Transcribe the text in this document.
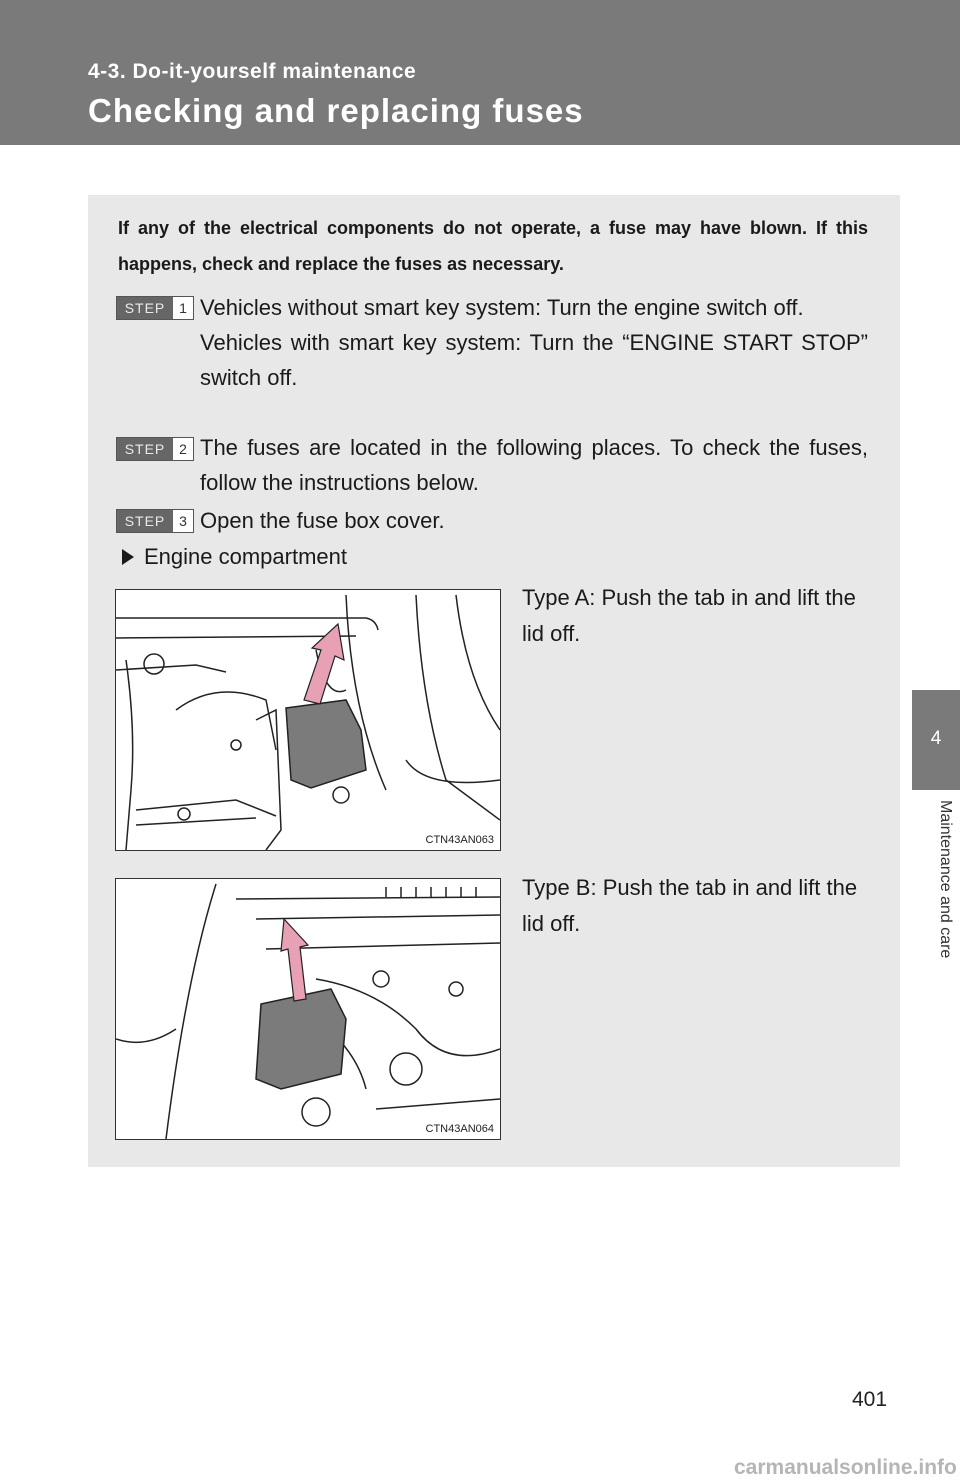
4-3. Do-it-yourself maintenance
Checking and replacing fuses
4
Maintenance and care
If any of the electrical components do not operate, a fuse may have blown. If this happens, check and replace the fuses as necessary.
STEP 1 Vehicles without smart key system: Turn the engine switch off.
Vehicles with smart key system: Turn the “ENGINE START STOP” switch off.
STEP 2 The fuses are located in the following places. To check the fuses, follow the instructions below.
STEP 3 Open the fuse box cover.
Engine compartment
CTN43AN063
Type A: Push the tab in and lift the lid off.
CTN43AN064
Type B: Push the tab in and lift the lid off.
401
carmanualsonline.info
